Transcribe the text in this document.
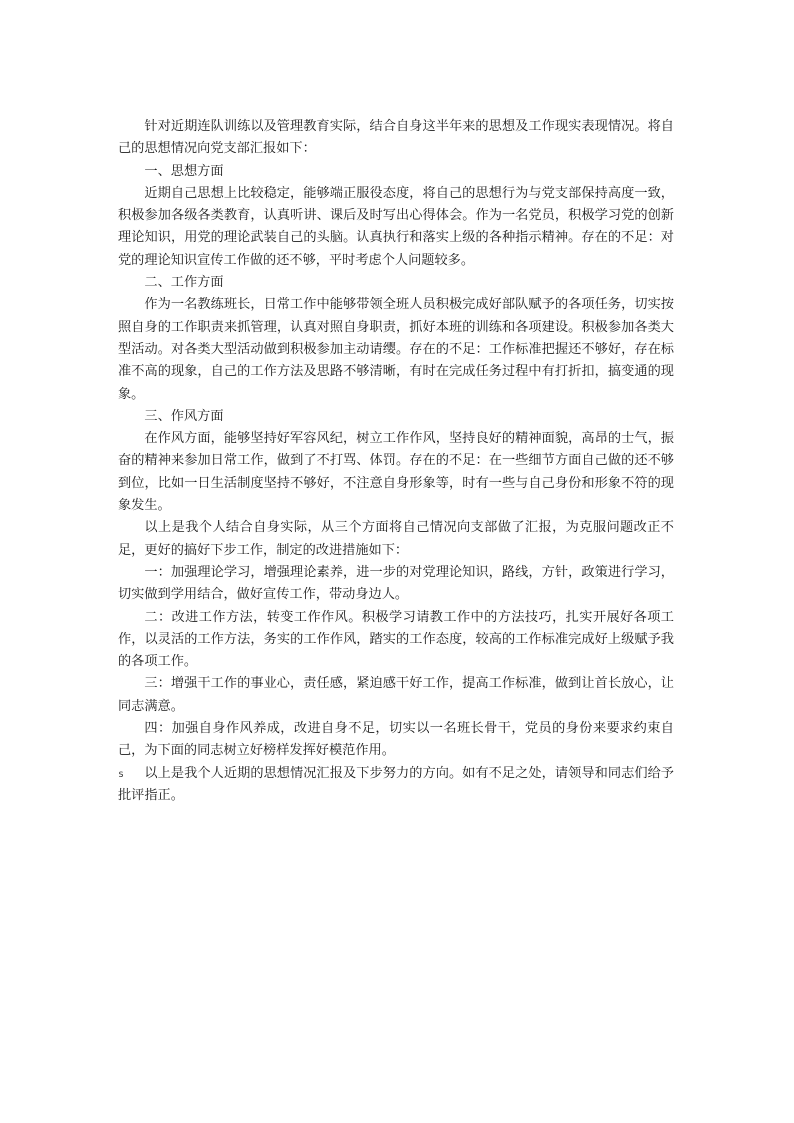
针对近期连队训练以及管理教育实际，结合自身这半年来的思想及工作现实表现情况。将自己的思想情况向党支部汇报如下：

一、思想方面

近期自己思想上比较稳定，能够端正服役态度，将自己的思想行为与党支部保持高度一致，积极参加各级各类教育，认真听讲、课后及时写出心得体会。作为一名党员，积极学习党的创新理论知识，用党的理论武装自己的头脑。认真执行和落实上级的各种指示精神。存在的不足：对党的理论知识宣传工作做的还不够，平时考虑个人问题较多。

二、工作方面

作为一名教练班长，日常工作中能够带领全班人员积极完成好部队赋予的各项任务，切实按照自身的工作职责来抓管理，认真对照自身职责，抓好本班的训练和各项建设。积极参加各类大型活动。对各类大型活动做到积极参加主动请缨。存在的不足：工作标准把握还不够好，存在标准不高的现象，自己的工作方法及思路不够清晰，有时在完成任务过程中有打折扣，搞变通的现象。

三、作风方面

在作风方面，能够坚持好军容风纪，树立工作作风，坚持良好的精神面貌，高昂的士气，振奋的精神来参加日常工作，做到了不打骂、体罚。存在的不足：在一些细节方面自己做的还不够到位，比如一日生活制度坚持不够好，不注意自身形象等，时有一些与自己身份和形象不符的现象发生。

以上是我个人结合自身实际，从三个方面将自己情况向支部做了汇报，为克服问题改正不足，更好的搞好下步工作，制定的改进措施如下：

一：加强理论学习，增强理论素养，进一步的对党理论知识，路线，方针，政策进行学习，切实做到学用结合，做好宣传工作，带动身边人。

二：改进工作方法，转变工作作风。积极学习请教工作中的方法技巧，扎实开展好各项工作，以灵活的工作方法，务实的工作作风，踏实的工作态度，较高的工作标准完成好上级赋予我的各项工作。

三：增强干工作的事业心，责任感，紧迫感干好工作，提高工作标准，做到让首长放心，让同志满意。

四：加强自身作风养成，改进自身不足，切实以一名班长骨干，党员的身份来要求约束自己，为下面的同志树立好榜样发挥好模范作用。

以上是我个人近期的思想情况汇报及下步努力的方向。如有不足之处，请领导和同志们给予批评指正。

s
